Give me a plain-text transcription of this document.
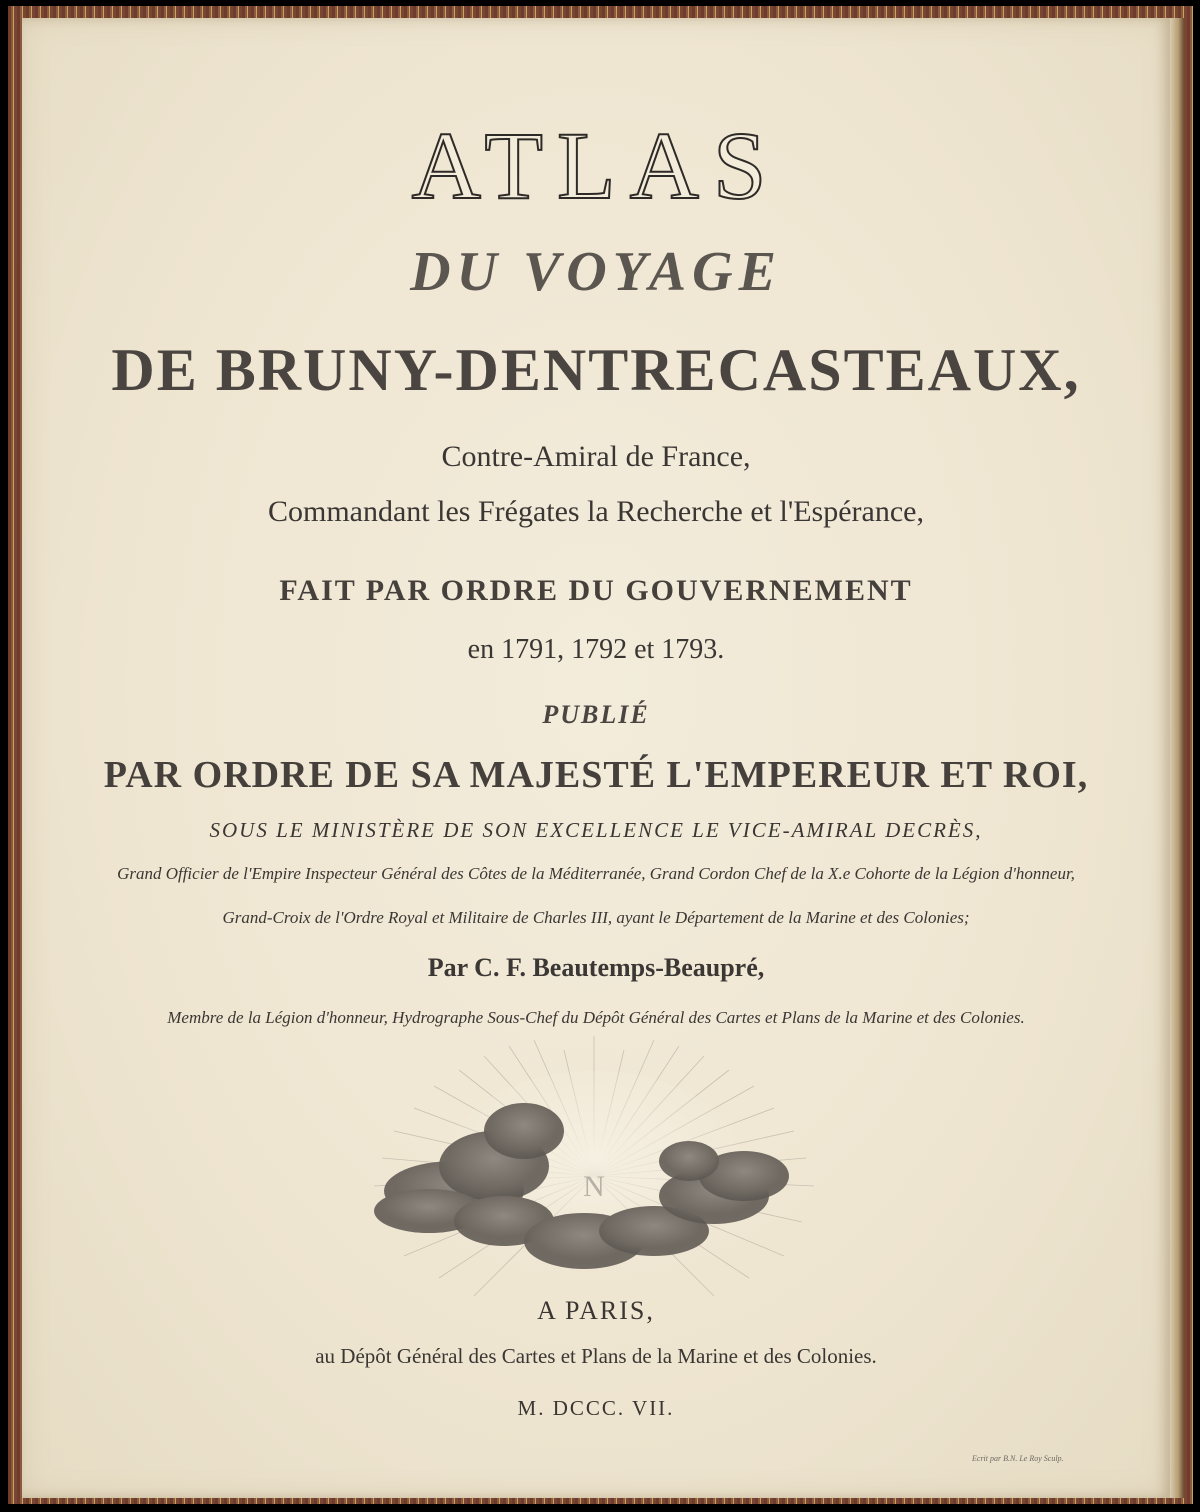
ATLAS
DU VOYAGE
DE BRUNY-DENTRECASTEAUX,
Contre-Amiral de France,
Commandant les Frégates la Recherche et l'Espérance,
FAIT PAR ORDRE DU GOUVERNEMENT
en 1791, 1792 et 1793.
PUBLIÉ
PAR ORDRE DE SA MAJESTÉ L'EMPEREUR ET ROI,
SOUS LE MINISTÈRE DE SON EXCELLENCE LE VICE-AMIRAL DECRÈS,
Grand Officier de l'Empire Inspecteur Général des Côtes de la Méditerranée, Grand Cordon Chef de la X.e Cohorte de la Légion d'honneur,
Grand-Croix de l'Ordre Royal et Militaire de Charles III, ayant le Département de la Marine et des Colonies;
Par C. F. Beautemps-Beaupré,
Membre de la Légion d'honneur, Hydrographe Sous-Chef du Dépôt Général des Cartes et Plans de la Marine et des Colonies.
N
A PARIS,
au Dépôt Général des Cartes et Plans de la Marine et des Colonies.
M. DCCC. VII.
Ecrit par B.N. Le Roy Sculp.
